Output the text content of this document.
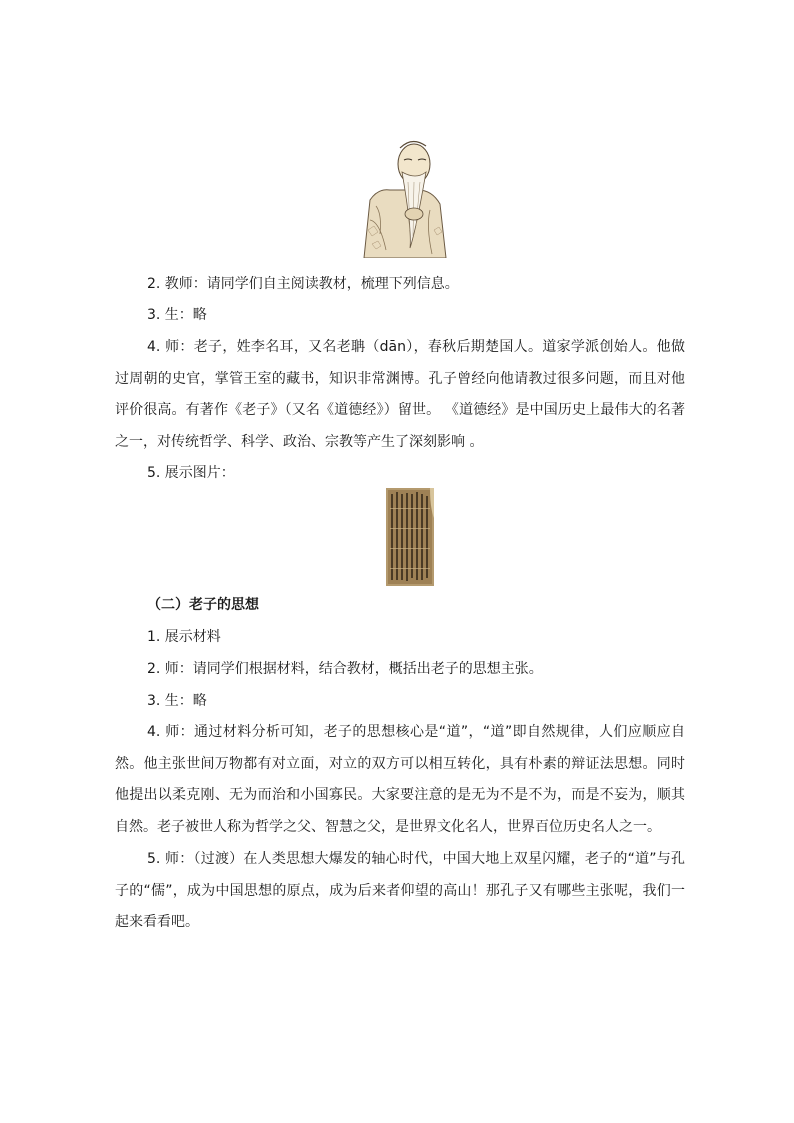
2. 教师：请同学们自主阅读教材，梳理下列信息。
3. 生：略
4. 师：老子，姓李名耳，又名老聃（dān），春秋后期楚国人。道家学派创始人。他做过周朝的史官，掌管王室的藏书，知识非常渊博。孔子曾经向他请教过很多问题，而且对他评价很高。有著作《老子》（又名《道德经》）留世。 《道德经》是中国历史上最伟大的名著之一，对传统哲学、科学、政治、宗教等产生了深刻影响 。
5. 展示图片：
（二）老子的思想
1. 展示材料
2. 师：请同学们根据材料，结合教材，概括出老子的思想主张。
3. 生：略
4. 师：通过材料分析可知，老子的思想核心是“道”，“道”即自然规律，人们应顺应自然。他主张世间万物都有对立面，对立的双方可以相互转化，具有朴素的辩证法思想。同时他提出以柔克刚、无为而治和小国寡民。大家要注意的是无为不是不为，而是不妄为，顺其自然。老子被世人称为哲学之父、智慧之父，是世界文化名人，世界百位历史名人之一。
5. 师：（过渡）在人类思想大爆发的轴心时代，中国大地上双星闪耀，老子的“道”与孔子的“儒”，成为中国思想的原点，成为后来者仰望的高山！那孔子又有哪些主张呢，我们一起来看看吧。
